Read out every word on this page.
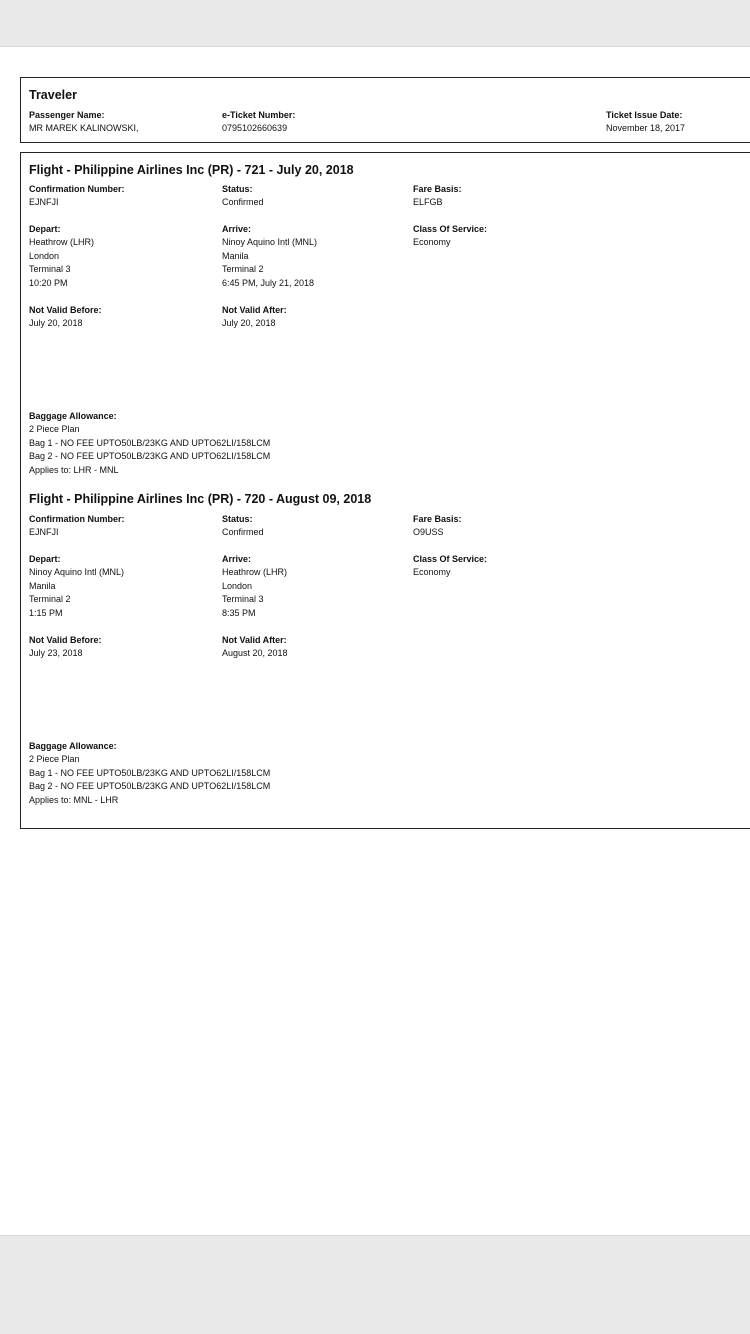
Traveler
Passenger Name:
MR MAREK KALINOWSKI,
e-Ticket Number:
0795102660639
Ticket Issue Date:
November 18, 2017
Flight - Philippine Airlines Inc (PR) - 721 - July 20, 2018
Confirmation Number:
EJNFJI
Status:
Confirmed
Fare Basis:
ELFGB
Depart:
Heathrow (LHR)
London
Terminal 3
10:20 PM
Arrive:
Ninoy Aquino Intl (MNL)
Manila
Terminal 2
6:45 PM, July 21, 2018
Class Of Service:
Economy
Not Valid Before:
July 20, 2018
Not Valid After:
July 20, 2018
Baggage Allowance:
2 Piece Plan
Bag 1 - NO FEE UPTO50LB/23KG AND UPTO62LI/158LCM
Bag 2 - NO FEE UPTO50LB/23KG AND UPTO62LI/158LCM
Applies to: LHR - MNL
Flight - Philippine Airlines Inc (PR) - 720 - August 09, 2018
Confirmation Number:
EJNFJI
Status:
Confirmed
Fare Basis:
O9USS
Depart:
Ninoy Aquino Intl (MNL)
Manila
Terminal 2
1:15 PM
Arrive:
Heathrow (LHR)
London
Terminal 3
8:35 PM
Class Of Service:
Economy
Not Valid Before:
July 23, 2018
Not Valid After:
August 20, 2018
Baggage Allowance:
2 Piece Plan
Bag 1 - NO FEE UPTO50LB/23KG AND UPTO62LI/158LCM
Bag 2 - NO FEE UPTO50LB/23KG AND UPTO62LI/158LCM
Applies to: MNL - LHR
